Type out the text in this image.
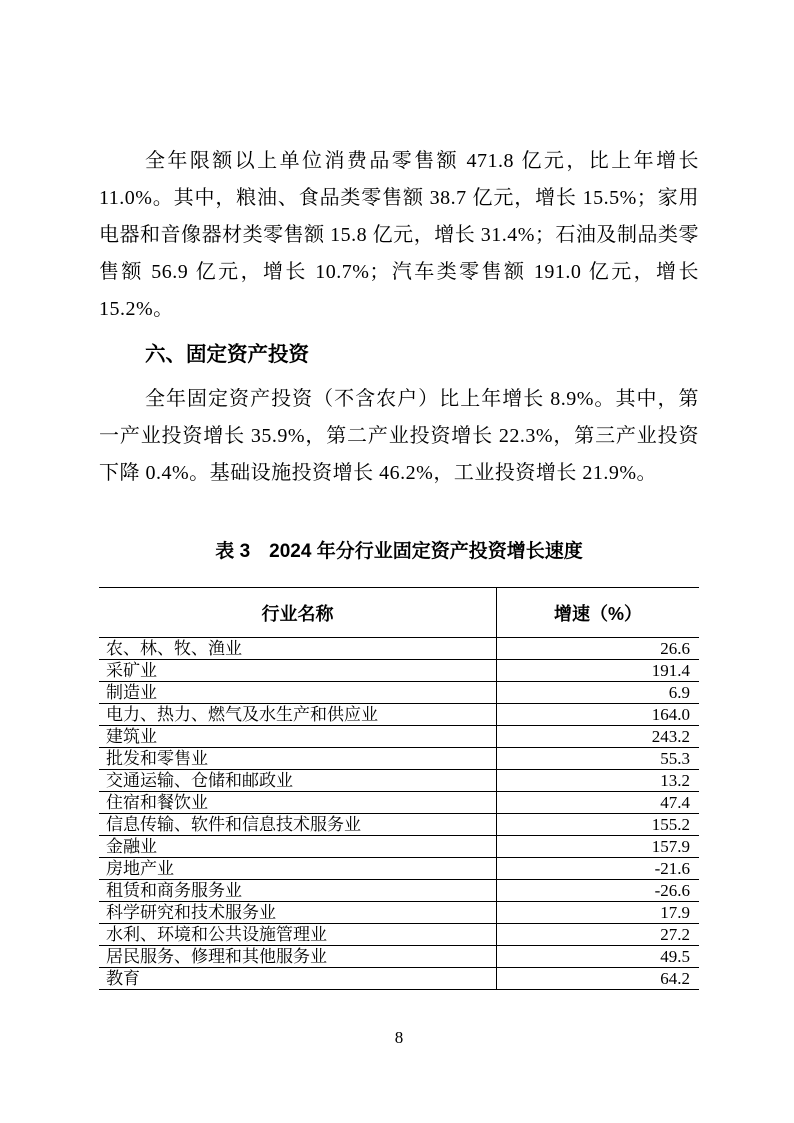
全年限额以上单位消费品零售额 471.8 亿元，比上年增长 11.0%。其中，粮油、食品类零售额 38.7 亿元，增长 15.5%；家用电器和音像器材类零售额 15.8 亿元，增长 31.4%；石油及制品类零售额 56.9 亿元，增长 10.7%；汽车类零售额 191.0 亿元，增长 15.2%。

六、固定资产投资

全年固定资产投资（不含农户）比上年增长 8.9%。其中，第一产业投资增长 35.9%，第二产业投资增长 22.3%，第三产业投资下降 0.4%。基础设施投资增长 46.2%，工业投资增长 21.9%。

表 3　2024 年分行业固定资产投资增长速度
行业名称	增速（%）
农、林、牧、渔业	26.6
采矿业	191.4
制造业	6.9
电力、热力、燃气及水生产和供应业	164.0
建筑业	243.2
批发和零售业	55.3
交通运输、仓储和邮政业	13.2
住宿和餐饮业	47.4
信息传输、软件和信息技术服务业	155.2
金融业	157.9
房地产业	-21.6
租赁和商务服务业	-26.6
科学研究和技术服务业	17.9
水利、环境和公共设施管理业	27.2
居民服务、修理和其他服务业	49.5
教育	64.2
8
